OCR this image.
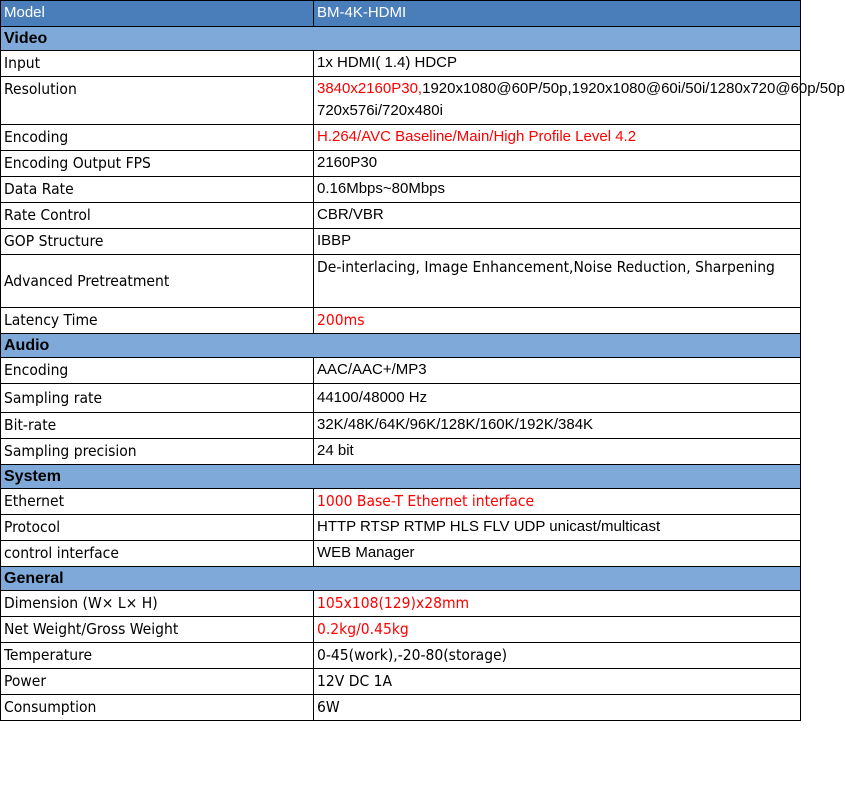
Model	BM-4K-HDMI
Video	
Input	1x HDMI( 1.4) HDCP
Resolution	3840x2160P30,1920x1080@60P/50p,1920x1080@60i/50i/1280x720@60p/50p 720x576i/720x480i
Encoding	H.264/AVC Baseline/Main/High Profile Level 4.2
Encoding Output FPS	2160P30
Data Rate	0.16Mbps~80Mbps
Rate Control	CBR/VBR
GOP Structure	IBBP
Advanced Pretreatment	De-interlacing, Image Enhancement,Noise Reduction, Sharpening
Latency Time	200ms
Audio	
Encoding	AAC/AAC+/MP3
Sampling rate	44100/48000 Hz
Bit-rate	32K/48K/64K/96K/128K/160K/192K/384K
Sampling precision	24 bit
System	
Ethernet	1000 Base-T Ethernet interface
Protocol	HTTP RTSP RTMP HLS FLV UDP unicast/multicast
control interface	WEB Manager
General	
Dimension (W× L× H)	105x108(129)x28mm
Net Weight/Gross Weight	0.2kg/0.45kg
Temperature	0-45(work),-20-80(storage)
Power	12V DC 1A
Consumption	6W
